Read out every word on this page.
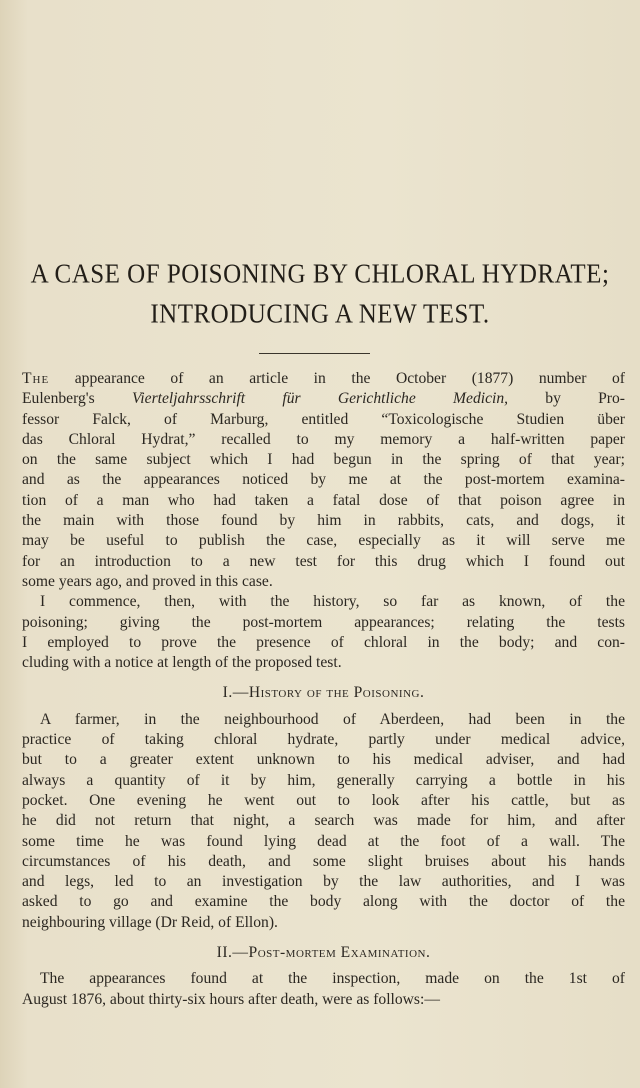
A CASE OF POISONING BY CHLORAL HYDRATE;
INTRODUCING A NEW TEST.

The appearance of an article in the October (1877) number of
Eulenberg's Vierteljahrsschrift für Gerichtliche Medicin, by Pro-
fessor Falck, of Marburg, entitled “Toxicologische Studien über
das Chloral Hydrat,” recalled to my memory a half-written paper
on the same subject which I had begun in the spring of that year;
and as the appearances noticed by me at the post-mortem examina-
tion of a man who had taken a fatal dose of that poison agree in
the main with those found by him in rabbits, cats, and dogs, it
may be useful to publish the case, especially as it will serve me
for an introduction to a new test for this drug which I found out
some years ago, and proved in this case.

I commence, then, with the history, so far as known, of the
poisoning; giving the post-mortem appearances; relating the tests
I employed to prove the presence of chloral in the body; and con-
cluding with a notice at length of the proposed test.

I.—History of the Poisoning.

A farmer, in the neighbourhood of Aberdeen, had been in the
practice of taking chloral hydrate, partly under medical advice,
but to a greater extent unknown to his medical adviser, and had
always a quantity of it by him, generally carrying a bottle in his
pocket. One evening he went out to look after his cattle, but as
he did not return that night, a search was made for him, and after
some time he was found lying dead at the foot of a wall. The
circumstances of his death, and some slight bruises about his hands
and legs, led to an investigation by the law authorities, and I was
asked to go and examine the body along with the doctor of the
neighbouring village (Dr Reid, of Ellon).

II.—Post-mortem Examination.

The appearances found at the inspection, made on the 1st of
August 1876, about thirty-six hours after death, were as follows:—
